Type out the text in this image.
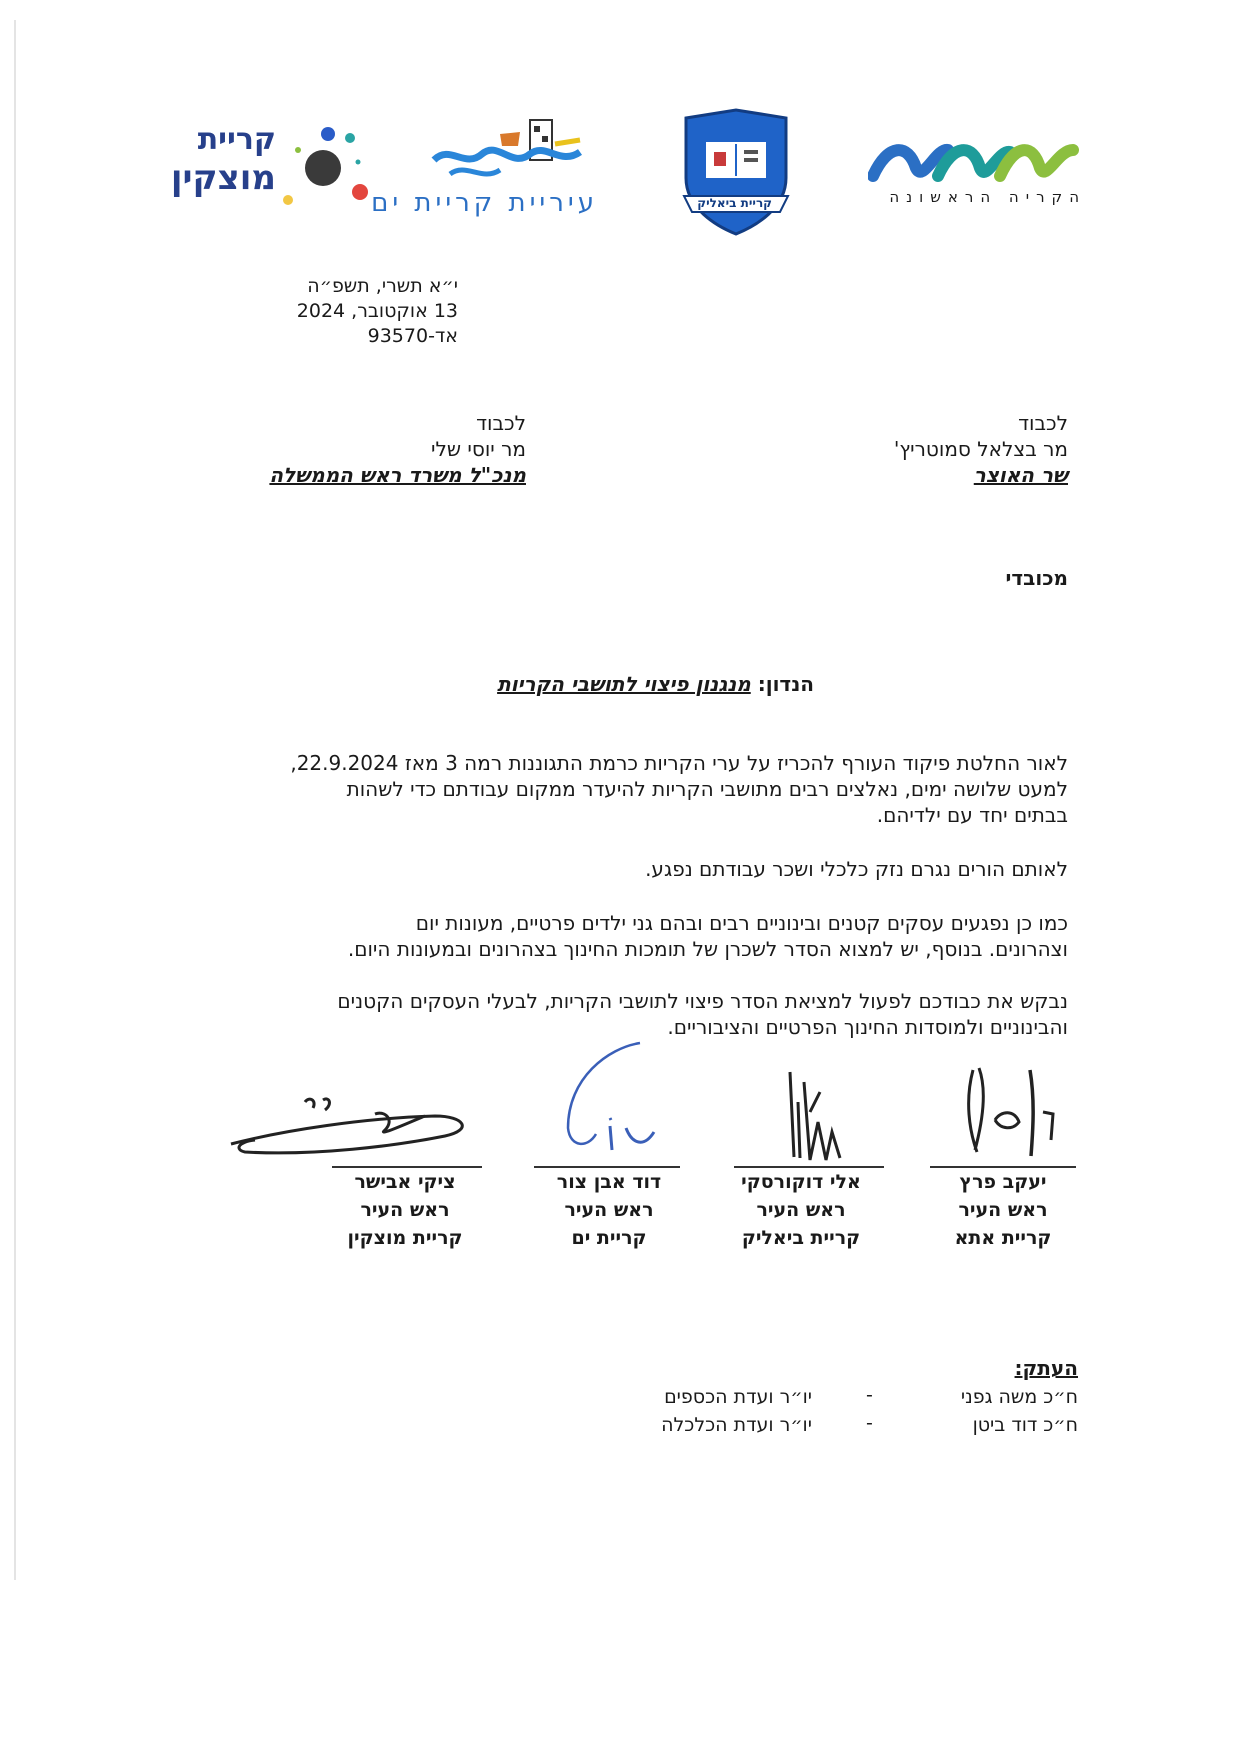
הקריה הראשונה
קריית ביאליק
עיריית קריית ים
קריית
מוצקין
י״א תשרי, תשפ״ה
13 אוקטובר, 2024
אד-93570
לכבוד
מר בצלאל סמוטריץ'
שר האוצר
לכבוד
מר יוסי שלי
מנכ"ל משרד ראש הממשלה
מכובדי
הנדון: מנגנון פיצוי לתושבי הקריות
לאור החלטת פיקוד העורף להכריז על ערי הקריות כרמת התגוננות רמה 3 מאז 22.9.2024,
למעט שלושה ימים, נאלצים רבים מתושבי הקריות להיעדר ממקום עבודתם כדי לשהות
בבתים יחד עם ילדיהם.
לאותם הורים נגרם נזק כלכלי ושכר עבודתם נפגע.
כמו כן נפגעים עסקים קטנים ובינוניים רבים ובהם גני ילדים פרטיים, מעונות יום
וצהרונים. בנוסף, יש למצוא הסדר לשכרן של תומכות החינוך בצהרונים ובמעונות היום.
נבקש את כבודכם לפעול למציאת הסדר פיצוי לתושבי הקריות, לבעלי העסקים הקטנים
והבינוניים ולמוסדות החינוך הפרטיים והציבוריים.
יעקב פרץ
ראש העיר
קריית אתא
אלי דוקורסקי
ראש העיר
קריית ביאליק
דוד אבן צור
ראש העיר
קריית ים
ציקי אבישר
ראש העיר
קריית מוצקין
העתק:
ח״כ משה גפני
-
יו״ר ועדת הכספים
ח״כ דוד ביטן
-
יו״ר ועדת הכלכלה
